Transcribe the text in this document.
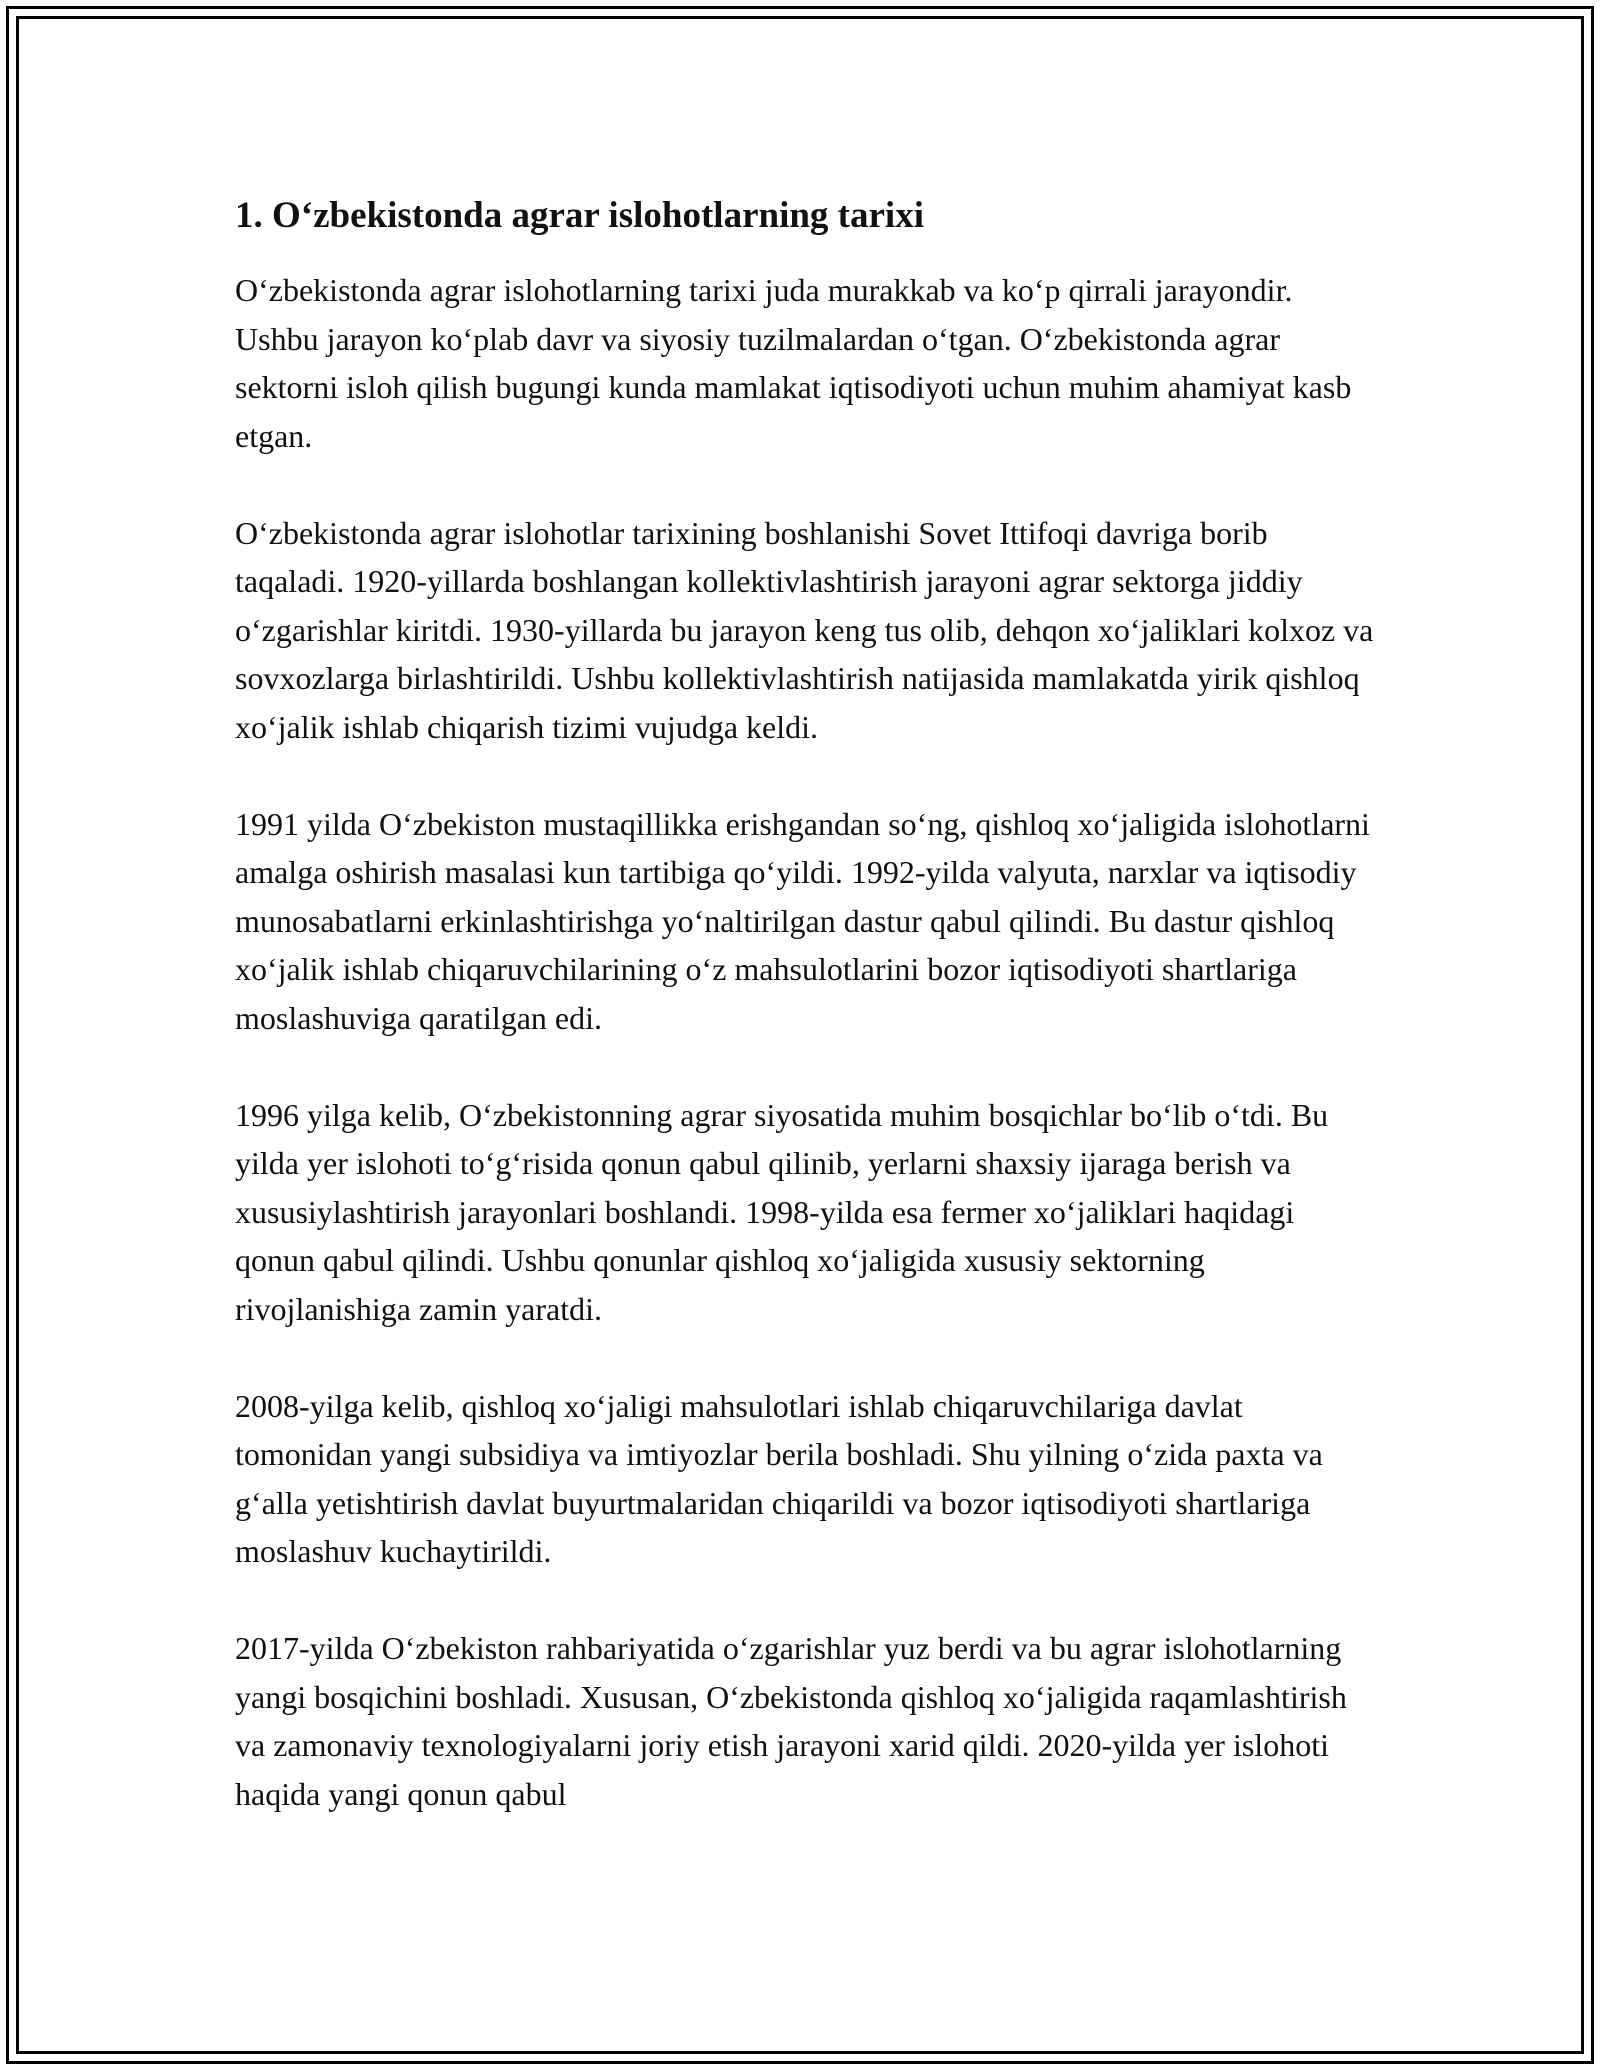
1. O‘zbekistonda agrar islohotlarning tarixi

O‘zbekistonda agrar islohotlarning tarixi juda murakkab va ko‘p qirrali jarayondir. Ushbu jarayon ko‘plab davr va siyosiy tuzilmalardan o‘tgan. O‘zbekistonda agrar sektorni isloh qilish bugungi kunda mamlakat iqtisodiyoti uchun muhim ahamiyat kasb etgan.

O‘zbekistonda agrar islohotlar tarixining boshlanishi Sovet Ittifoqi davriga borib taqaladi. 1920-yillarda boshlangan kollektivlashtirish jarayoni agrar sektorga jiddiy o‘zgarishlar kiritdi. 1930-yillarda bu jarayon keng tus olib, dehqon xo‘jaliklari kolxoz va sovxozlarga birlashtirildi. Ushbu kollektivlashtirish natijasida mamlakatda yirik qishloq xo‘jalik ishlab chiqarish tizimi vujudga keldi.

1991 yilda O‘zbekiston mustaqillikka erishgandan so‘ng, qishloq xo‘jaligida islohotlarni amalga oshirish masalasi kun tartibiga qo‘yildi. 1992-yilda valyuta, narxlar va iqtisodiy munosabatlarni erkinlashtirishga yo‘naltirilgan dastur qabul qilindi. Bu dastur qishloq xo‘jalik ishlab chiqaruvchilarining o‘z mahsulotlarini bozor iqtisodiyoti shartlariga moslashuviga qaratilgan edi.

1996 yilga kelib, O‘zbekistonning agrar siyosatida muhim bosqichlar bo‘lib o‘tdi. Bu yilda yer islohoti to‘g‘risida qonun qabul qilinib, yerlarni shaxsiy ijaraga berish va xususiylashtirish jarayonlari boshlandi. 1998-yilda esa fermer xo‘jaliklari haqidagi qonun qabul qilindi. Ushbu qonunlar qishloq xo‘jaligida xususiy sektorning rivojlanishiga zamin yaratdi.

2008-yilga kelib, qishloq xo‘jaligi mahsulotlari ishlab chiqaruvchilariga davlat tomonidan yangi subsidiya va imtiyozlar berila boshladi. Shu yilning o‘zida paxta va g‘alla yetishtirish davlat buyurtmalaridan chiqarildi va bozor iqtisodiyoti shartlariga moslashuv kuchaytirildi.

2017-yilda O‘zbekiston rahbariyatida o‘zgarishlar yuz berdi va bu agrar islohotlarning yangi bosqichini boshladi. Xususan, O‘zbekistonda qishloq xo‘jaligida raqamlashtirish va zamonaviy texnologiyalarni joriy etish jarayoni xarid qildi. 2020-yilda yer islohoti haqida yangi qonun qabul
